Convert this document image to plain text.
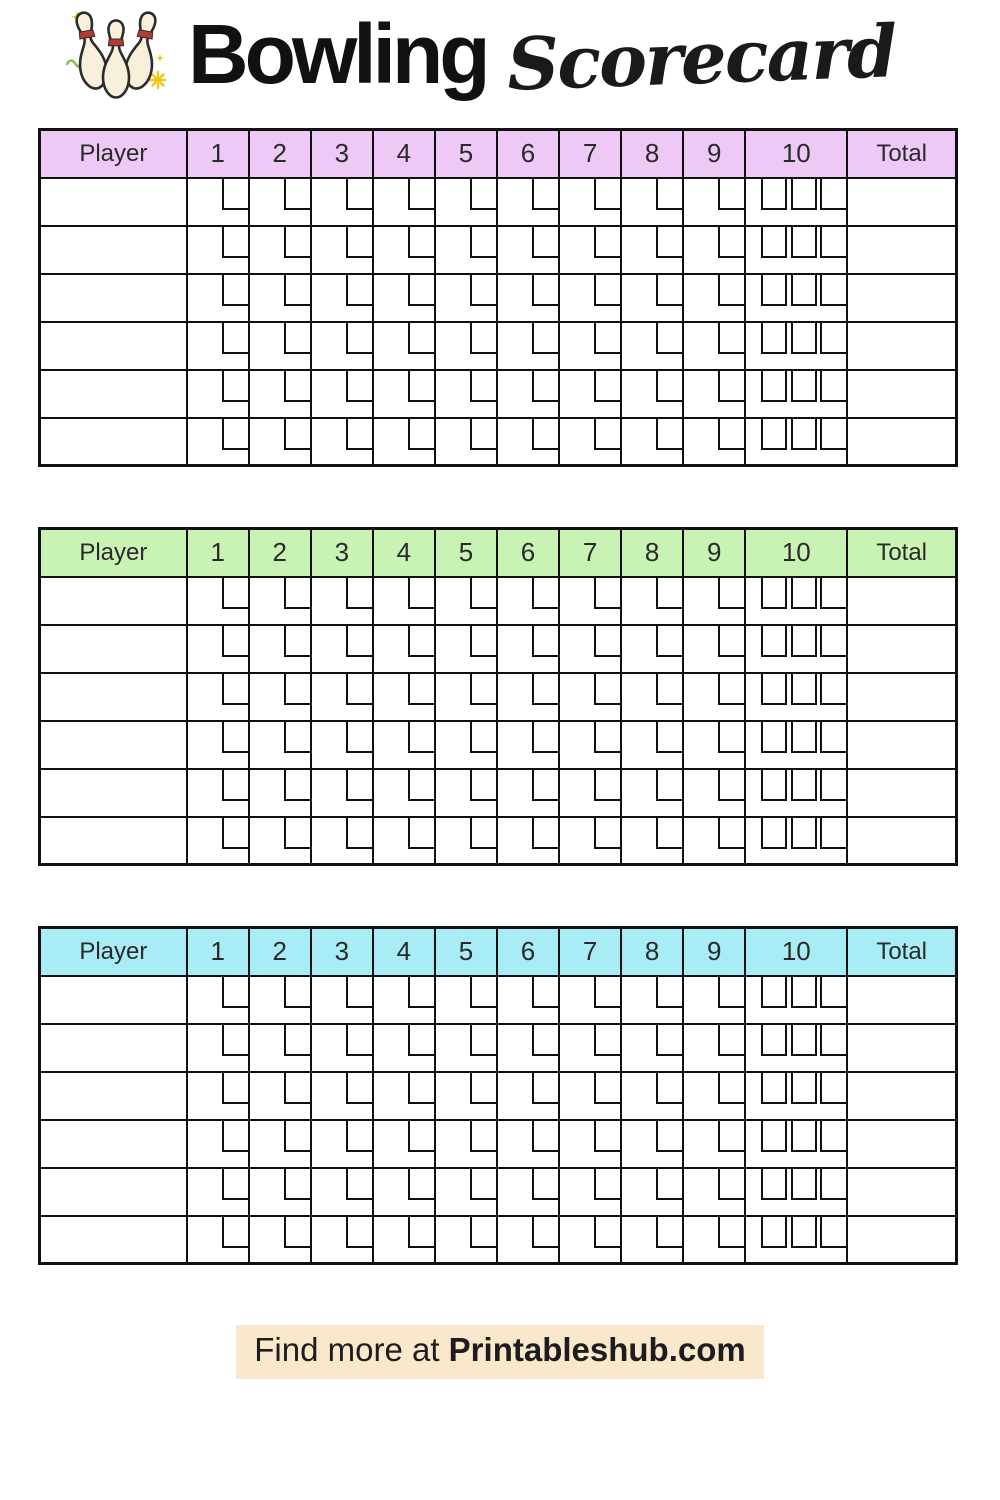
Bowling Scorecard
Player	1	2	3	4	5	6	7	8	9	10	Total

Player	1	2	3	4	5	6	7	8	9	10	Total

Player	1	2	3	4	5	6	7	8	9	10	Total

Find more at Printableshub.com
